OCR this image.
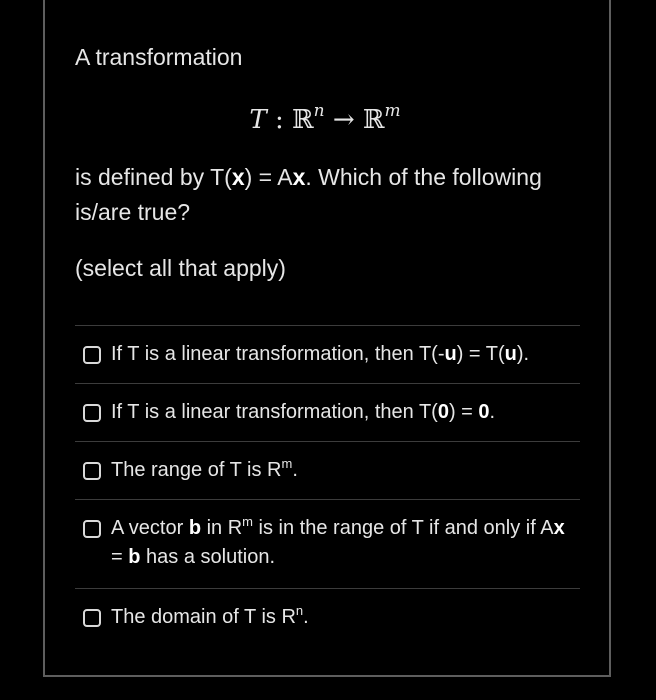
A transformation

T : ℝ$^n$ → ℝ$^m$
is defined by T(x) = Ax. Which of the following is/are true?
(select all that apply)
If T is a linear transformation, then T(-u) = T(u).
If T is a linear transformation, then T(0) = 0.
The range of T is $R^m$.
A vector b in $R^m$ is in the range of T if and only if Ax = b has a solution.
The domain of T is $R^n$.
